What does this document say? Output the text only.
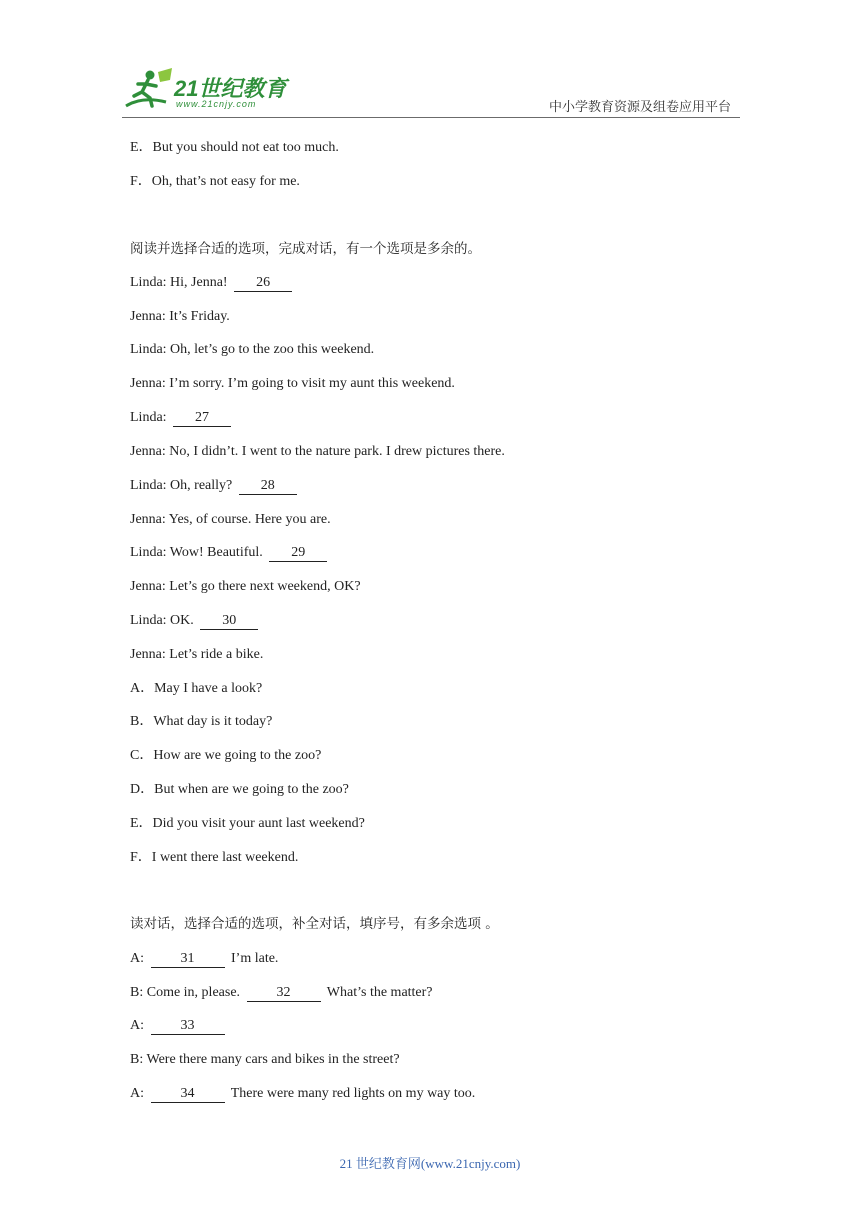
21世纪教育
www.21cnjy.com	中小学教育资源及组卷应用平台
E．But you should not eat too much.
F．Oh, that’s not easy for me.
阅读并选择合适的选项，完成对话，有一个选项是多余的。
Linda: Hi, Jenna! 26
Jenna: It’s Friday.
Linda: Oh, let’s go to the zoo this weekend.
Jenna: I’m sorry. I’m going to visit my aunt this weekend.
Linda: 27
Jenna: No, I didn’t. I went to the nature park. I drew pictures there.
Linda: Oh, really? 28
Jenna: Yes, of course. Here you are.
Linda: Wow! Beautiful. 29
Jenna: Let’s go there next weekend, OK?
Linda: OK. 30
Jenna: Let’s ride a bike.
A．May I have a look?
B．What day is it today?
C．How are we going to the zoo?
D．But when are we going to the zoo?
E．Did you visit your aunt last weekend?
F．I went there last weekend.
读对话，选择合适的选项，补全对话，填序号，有多余选项 。
A: 31 I’m late.
B: Come in, please. 32 What’s the matter?
A: 33
B: Were there many cars and bikes in the street?
A: 34 There were many red lights on my way too.
21 世纪教育网(www.21cnjy.com)
